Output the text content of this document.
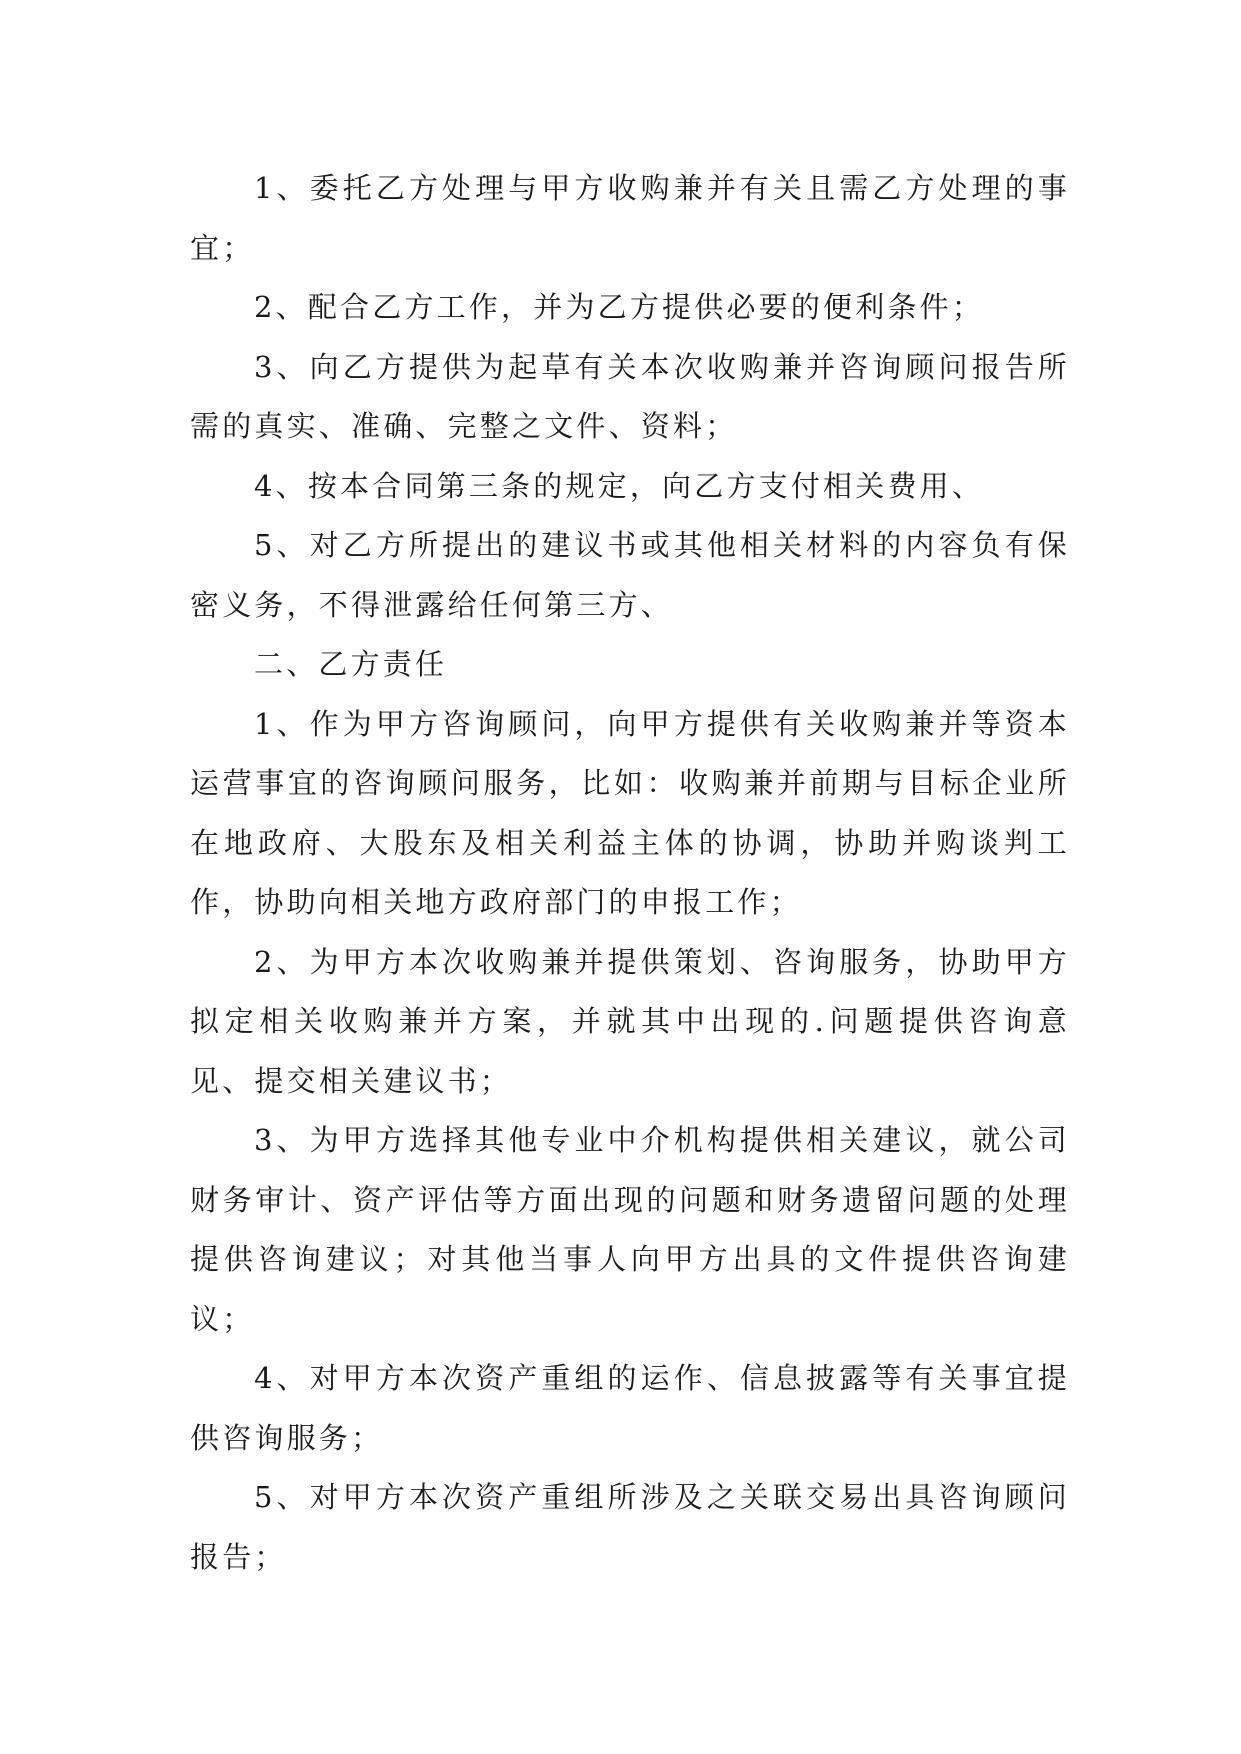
1、委托乙方处理与甲方收购兼并有关且需乙方处理的事宜；

2、配合乙方工作，并为乙方提供必要的便利条件；

3、向乙方提供为起草有关本次收购兼并咨询顾问报告所需的真实、准确、完整之文件、资料；

4、按本合同第三条的规定，向乙方支付相关费用、

5、对乙方所提出的建议书或其他相关材料的内容负有保密义务，不得泄露给任何第三方、

二、乙方责任

1、作为甲方咨询顾问，向甲方提供有关收购兼并等资本运营事宜的咨询顾问服务，比如：收购兼并前期与目标企业所在地政府、大股东及相关利益主体的协调，协助并购谈判工作，协助向相关地方政府部门的申报工作；

2、为甲方本次收购兼并提供策划、咨询服务，协助甲方拟定相关收购兼并方案，并就其中出现的.问题提供咨询意见、提交相关建议书；

3、为甲方选择其他专业中介机构提供相关建议，就公司财务审计、资产评估等方面出现的问题和财务遗留问题的处理提供咨询建议；对其他当事人向甲方出具的文件提供咨询建议；

4、对甲方本次资产重组的运作、信息披露等有关事宜提供咨询服务；

5、对甲方本次资产重组所涉及之关联交易出具咨询顾问报告；
